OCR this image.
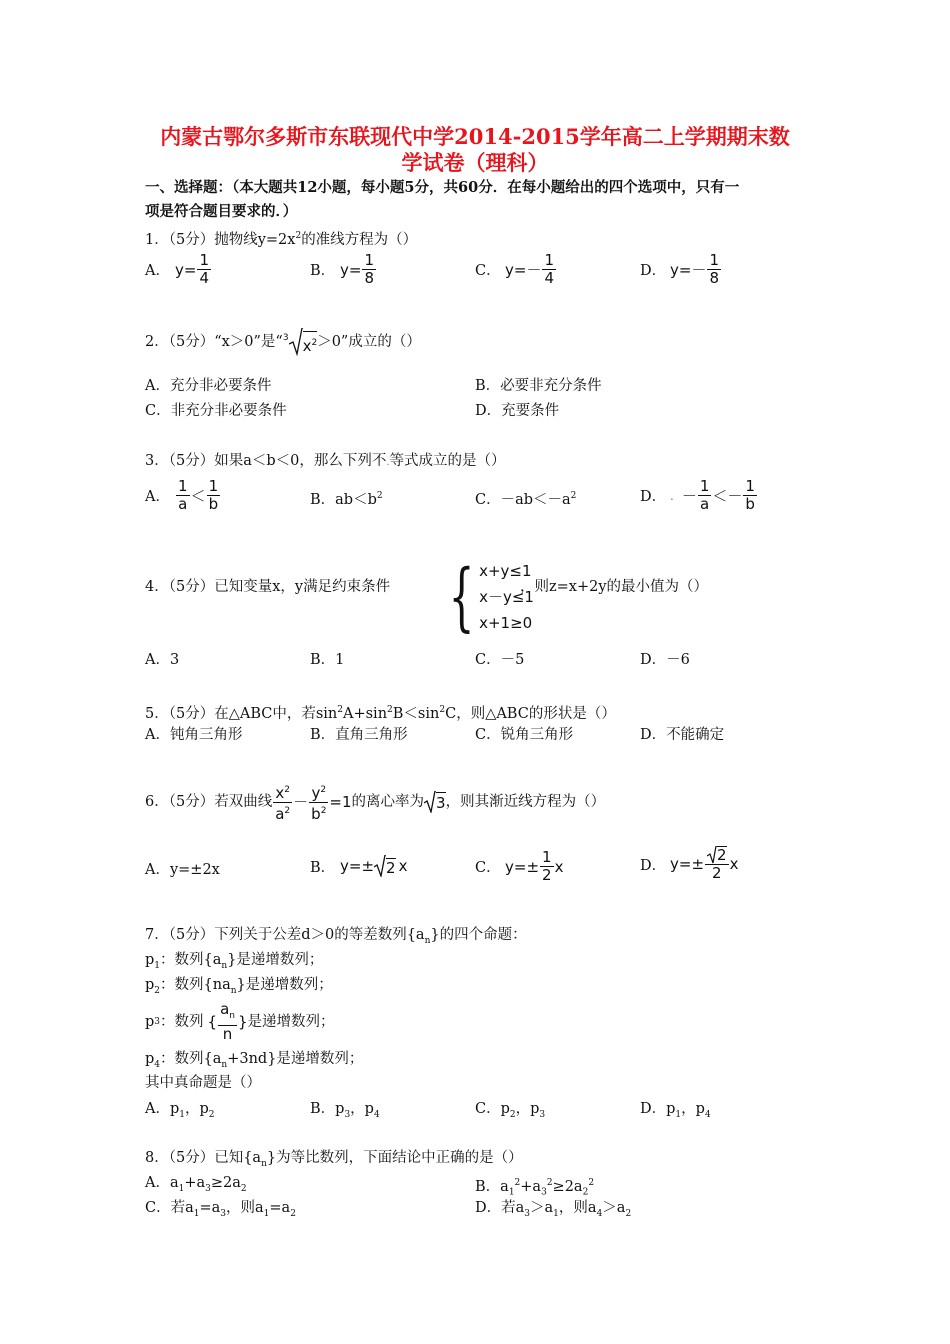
内蒙古鄂尔多斯市东联现代中学2014-2015学年高二上学期期末数
学试卷（理科）
一、选择题：（本大题共12小题，每小题5分，共60分．在每小题给出的四个选项中，只有一
项是符合题目要求的．）
1．（5分）抛物线$y=2x^2$的准线方程为（）
A． $y= \frac{1}{4}$	B． $y= \frac{1}{8}$	C． $y=- \frac{1}{4}$	D． $y=- \frac{1}{8}$
2．（5分）“x＞0”是“$^3$ $x^2 >0$”成立的（）
A．充分非必要条件	B．必要非充分条件
C．非充分非必要条件	D．充要条件
3．（5分）如果a＜b＜0，那么下列不.等式成立的是（）
A． $\frac{1}{a} < \frac{1}{b}$	B．$ab<b^2$	C．$-ab<-a^2$	D． . － $\frac{1}{a}$ ＜ － $\frac{1}{b}$
4．（5分）已知变量x，y满足约束条件 { x+y≤1
x－y≤1
x+1≥0
，则z=x+2y的最小值为（）
A．3	B．1	C．－5	D．－6
5．（5分）在△ABC中，若$\sin^2A+\sin^2B<\sin^2C$，则△ABC的形状是（）
A．钝角三角形	B．直角三角形	C．锐角三角形	D．不能确定
6．（5分）若双曲线 $\frac{x^2}{a^2} - \frac{y^2}{b^2} =1$ 的离心率为 3 ，则其渐近线方程为（）
A．y=±2x	B． y=± 2 x	C． $y=\pm \frac{1}{2}$ x	D． $y=\pm \frac{2}{2}$ x
7．（5分）下列关于公差d＞0的等差数列$\{a_n\}$的四个命题：
$p_1$：数列$\{a_n\}$是递增数列；
$p_2$：数列$\{na_n\}$是递增数列；
p 3 ：数列 { $\frac{a_n}{n}$ } 是递增数列；
$p_4$：数列$\{a_n+3nd\}$是递增数列；
其中真命题是（）
A．$p_1$，$p_2$	B．$p_3$，$p_4$	C．$p_2$，$p_3$	D．$p_1$，$p_4$
8．（5分）已知$\{a_n\}$为等比数列，下面结论中正确的是（）
A．$a_1+a_3\ge 2a_2$	B．$a_1^2+a_3^2\ge 2a_2^2$
C．若$a_1=a_3$，则$a_1=a_2$	D．若$a_3>a_1$，则$a_4>a_2$
